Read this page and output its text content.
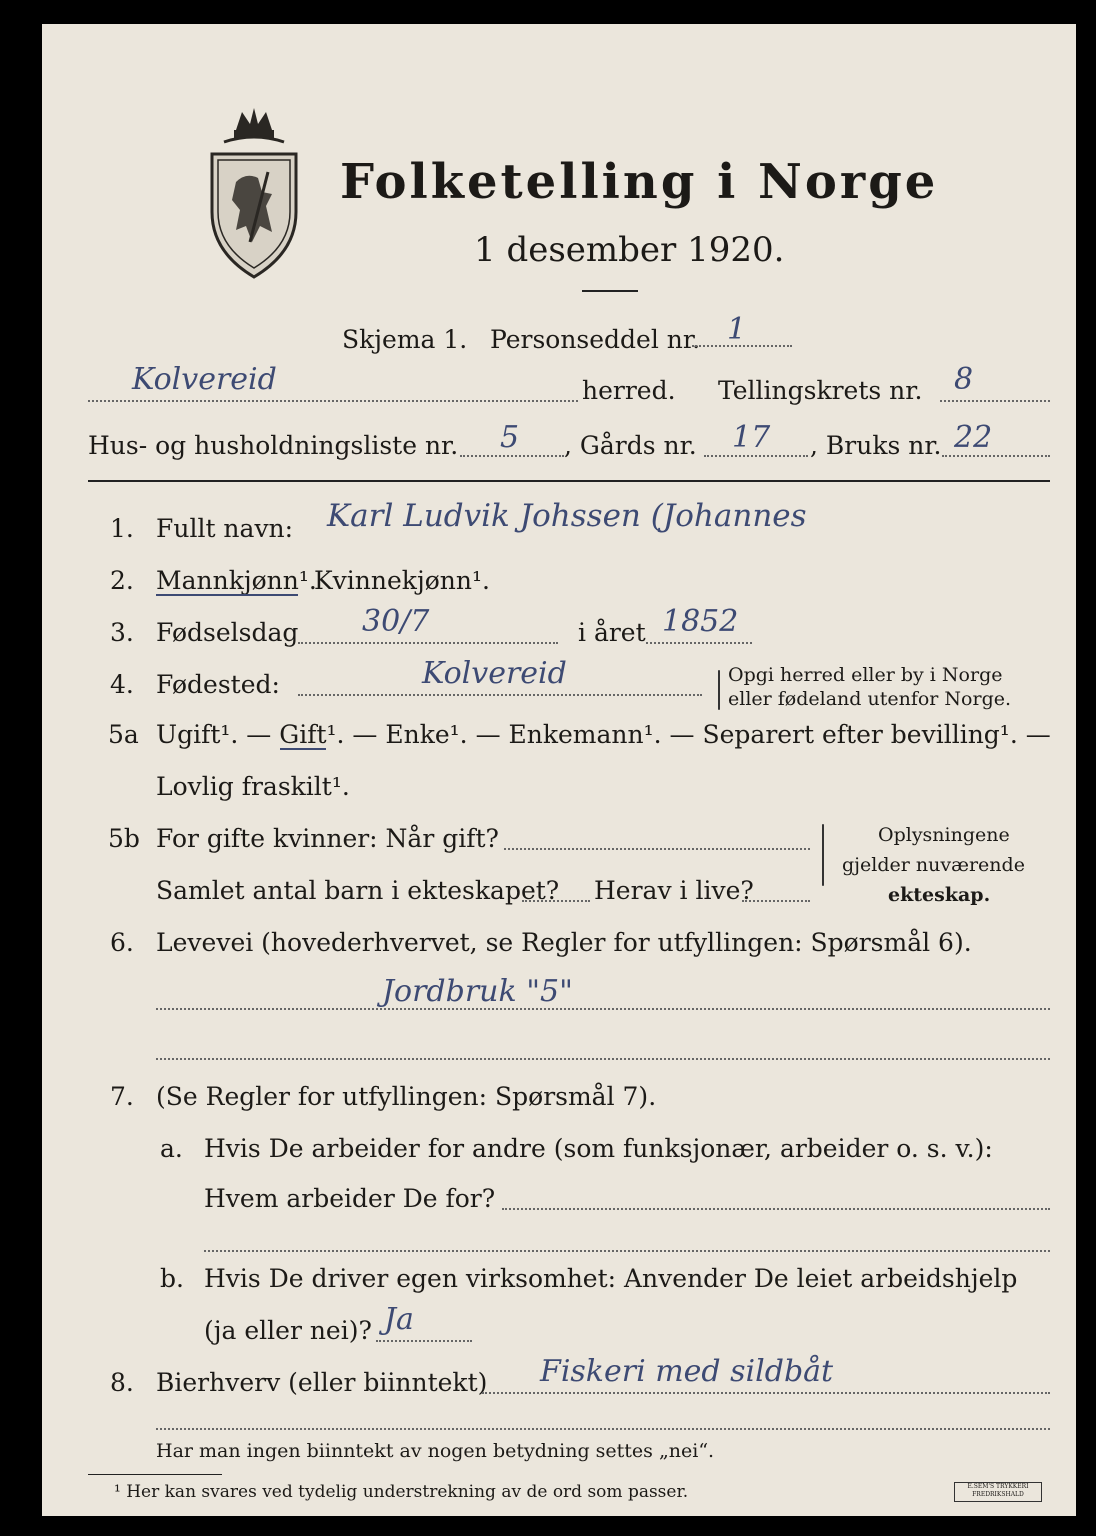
Folketelling i Norge
1 desember 1920.
Skjema 1. Personseddel nr. 1
Kolvereid	herred. Tellingskrets nr. 8
Hus- og husholdningsliste nr. 5 , Gårds nr. 17 , Bruks nr. 22
1. Fullt navn: Karl Ludvik Johssen (Johannes
2. Mannkjønn¹.
Kvinnekjønn¹.
3. Fødselsdag 30/7	i året 1852
4. Fødested:	Kolvereid	Opgi herred eller by i Norge
eller fødeland utenfor Norge.
5a Ugift¹. — Gift¹. — Enke¹. — Enkemann¹. — Separert efter bevilling¹. —
Lovlig fraskilt¹.
5b For gifte kvinner: Når gift?
Samlet antal barn i ekteskapet? Herav i live?
Oplysningene
gjelder nuværende
ekteskap.
6. Levevei (hovederhvervet, se Regler for utfyllingen: Spørsmål 6).
Jordbruk "5"
7. (Se Regler for utfyllingen: Spørsmål 7).
a. Hvis De arbeider for andre (som funksjonær, arbeider o. s. v.):
Hvem arbeider De for?
b. Hvis De driver egen virksomhet: Anvender De leiet arbeidshjelp
(ja eller nei)? Ja
8. Bierhverv (eller biinntekt) Fiskeri med sildbåt
Har man ingen biinntekt av nogen betydning settes „nei“.
¹ Her kan svares ved tydelig understrekning av de ord som passer.	E.SEM'S TRYKKERI FREDRIKSHALD
